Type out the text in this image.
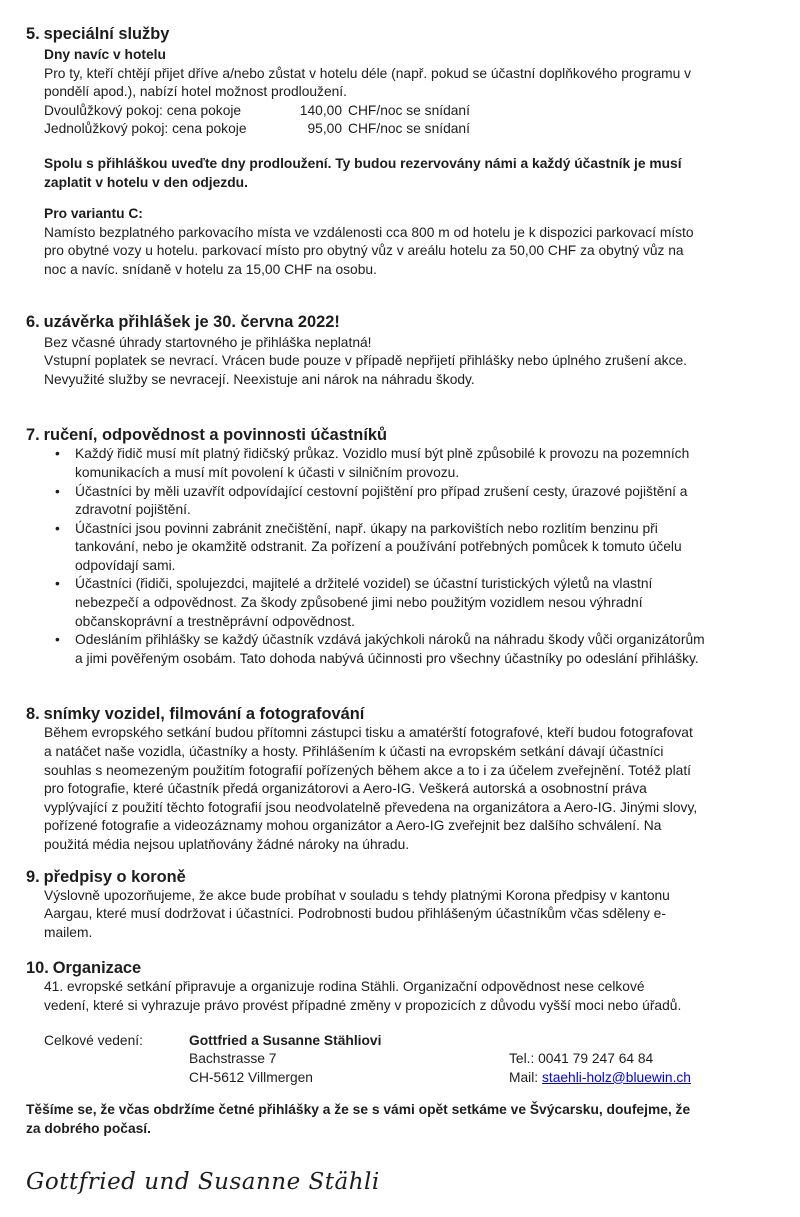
5. speciální služby
Dny navíc v hotelu
Pro ty, kteří chtějí přijet dříve a/nebo zůstat v hotelu déle (např. pokud se účastní doplňkového programu v
pondělí apod.), nabízí hotel možnost prodloužení.
Dvoulůžkový pokoj: cena pokoje	140,00 CHF/noc se snídaní
Jednolůžkový pokoj: cena pokoje	95,00 CHF/noc se snídaní
Spolu s přihláškou uveďte dny prodloužení. Ty budou rezervovány námi a každý účastník je musí
zaplatit v hotelu v den odjezdu.
Pro variantu C:
Namísto bezplatného parkovacího místa ve vzdálenosti cca 800 m od hotelu je k dispozici parkovací místo
pro obytné vozy u hotelu. parkovací místo pro obytný vůz v areálu hotelu za 50,00 CHF za obytný vůz na
noc a navíc. snídaně v hotelu za 15,00 CHF na osobu.
6. uzávěrka přihlášek je 30. června 2022!
Bez včasné úhrady startovného je přihláška neplatná!
Vstupní poplatek se nevrací. Vrácen bude pouze v případě nepřijetí přihlášky nebo úplného zrušení akce.
Nevyužité služby se nevracejí. Neexistuje ani nárok na náhradu škody.
7. ručení, odpovědnost a povinnosti účastníků
•	Každý řidič musí mít platný řidičský průkaz. Vozidlo musí být plně způsobilé k provozu na pozemních
komunikacích a musí mít povolení k účasti v silničním provozu.
•	Účastníci by měli uzavřít odpovídající cestovní pojištění pro případ zrušení cesty, úrazové pojištění a
zdravotní pojištění.
•	Účastníci jsou povinni zabránit znečištění, např. úkapy na parkovištích nebo rozlitím benzinu při
tankování, nebo je okamžitě odstranit. Za pořízení a používání potřebných pomůcek k tomuto účelu
odpovídají sami.
•	Účastníci (řidiči, spolujezdci, majitelé a držitelé vozidel) se účastní turistických výletů na vlastní
nebezpečí a odpovědnost. Za škody způsobené jimi nebo použitým vozidlem nesou výhradní
občanskoprávní a trestněprávní odpovědnost.
•	Odesláním přihlášky se každý účastník vzdává jakýchkoli nároků na náhradu škody vůči organizátorům
a jimi pověřeným osobám. Tato dohoda nabývá účinnosti pro všechny účastníky po odeslání přihlášky.
8. snímky vozidel, filmování a fotografování
Během evropského setkání budou přítomni zástupci tisku a amatérští fotografové, kteří budou fotografovat
a natáčet naše vozidla, účastníky a hosty. Přihlášením k účasti na evropském setkání dávají účastníci
souhlas s neomezeným použitím fotografií pořízených během akce a to i za účelem zveřejnění. Totéž platí
pro fotografie, které účastník předá organizátorovi a Aero-IG. Veškerá autorská a osobnostní práva
vyplývající z použití těchto fotografií jsou neodvolatelně převedena na organizátora a Aero-IG. Jinými slovy,
pořízené fotografie a videozáznamy mohou organizátor a Aero-IG zveřejnit bez dalšího schválení. Na
použitá média nejsou uplatňovány žádné nároky na úhradu.
9. předpisy o koroně
Výslovně upozorňujeme, že akce bude probíhat v souladu s tehdy platnými Korona předpisy v kantonu
Aargau, které musí dodržovat i účastníci. Podrobnosti budou přihlášeným účastníkům včas sděleny e-
mailem.
10. Organizace
41. evropské setkání připravuje a organizuje rodina Stähli. Organizační odpovědnost nese celkové
vedení, které si vyhrazuje právo provést případné změny v propozicích z důvodu vyšší moci nebo úřadů.
Celkové vedení:	Gottfried a Susanne Stähliovi
Bachstrasse 7	Tel.: 0041 79 247 64 84
CH-5612 Villmergen	Mail: staehli-holz@bluewin.ch
Těšíme se, že včas obdržíme četné přihlášky a že se s vámi opět setkáme ve Švýcarsku, doufejme, že
za dobrého počasí.
Gottfried und Susanne Stähli
